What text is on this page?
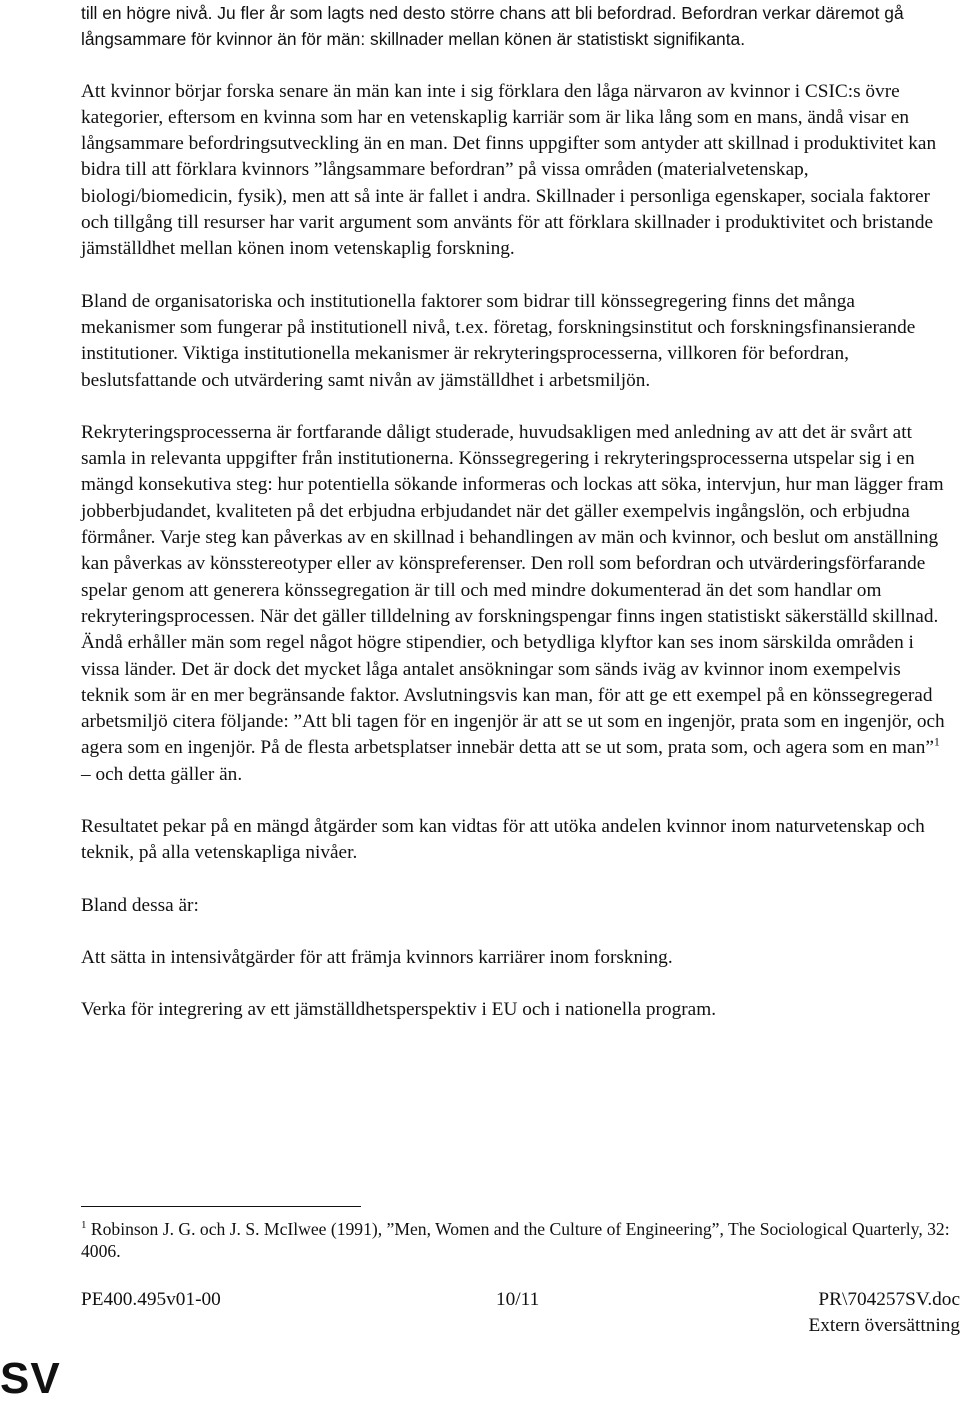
till en högre nivå. Ju fler år som lagts ned desto större chans att bli befordrad. Befordran verkar däremot gå långsammare för kvinnor än för män: skillnader mellan könen är statistiskt signifikanta.

Att kvinnor börjar forska senare än män kan inte i sig förklara den låga närvaron av kvinnor i CSIC:s övre kategorier, eftersom en kvinna som har en vetenskaplig karriär som är lika lång som en mans, ändå visar en långsammare befordringsutveckling än en man. Det finns uppgifter som antyder att skillnad i produktivitet kan bidra till att förklara kvinnors ”långsammare befordran” på vissa områden (materialvetenskap, biologi/biomedicin, fysik), men att så inte är fallet i andra. Skillnader i personliga egenskaper, sociala faktorer och tillgång till resurser har varit argument som använts för att förklara skillnader i produktivitet och bristande jämställdhet mellan könen inom vetenskaplig forskning.

Bland de organisatoriska och institutionella faktorer som bidrar till könssegregering finns det många mekanismer som fungerar på institutionell nivå, t.ex. företag, forskningsinstitut och forskningsfinansierande institutioner. Viktiga institutionella mekanismer är rekryteringsprocesserna, villkoren för befordran, beslutsfattande och utvärdering samt nivån av jämställdhet i arbetsmiljön.

Rekryteringsprocesserna är fortfarande dåligt studerade, huvudsakligen med anledning av att det är svårt att samla in relevanta uppgifter från institutionerna. Könssegregering i rekryteringsprocesserna utspelar sig i en mängd konsekutiva steg: hur potentiella sökande informeras och lockas att söka, intervjun, hur man lägger fram jobberbjudandet, kvaliteten på det erbjudna erbjudandet när det gäller exempelvis ingångslön, och erbjudna förmåner. Varje steg kan påverkas av en skillnad i behandlingen av män och kvinnor, och beslut om anställning kan påverkas av könsstereotyper eller av könspreferenser. Den roll som befordran och utvärderingsförfarande spelar genom att generera könssegregation är till och med mindre dokumenterad än det som handlar om rekryteringsprocessen. När det gäller tilldelning av forskningspengar finns ingen statistiskt säkerställd skillnad. Ändå erhåller män som regel något högre stipendier, och betydliga klyftor kan ses inom särskilda områden i vissa länder. Det är dock det mycket låga antalet ansökningar som sänds iväg av kvinnor inom exempelvis teknik som är en mer begränsande faktor. Avslutningsvis kan man, för att ge ett exempel på en könssegregerad arbetsmiljö citera följande: ”Att bli tagen för en ingenjör är att se ut som en ingenjör, prata som en ingenjör, och agera som en ingenjör. På de flesta arbetsplatser innebär detta att se ut som, prata som, och agera som en man”$^1$ – och detta gäller än.

Resultatet pekar på en mängd åtgärder som kan vidtas för att utöka andelen kvinnor inom naturvetenskap och teknik, på alla vetenskapliga nivåer.

Bland dessa är:

Att sätta in intensivåtgärder för att främja kvinnors karriärer inom forskning.

Verka för integrering av ett jämställdhetsperspektiv i EU och i nationella program.

$^1$ Robinson J. G. och J. S. McIlwee (1991), ”Men, Women and the Culture of Engineering”, The Sociological Quarterly, 32: 4006.

PE400.495v01-00	10/11	PR\704257SV.doc
Extern översättning
SV
